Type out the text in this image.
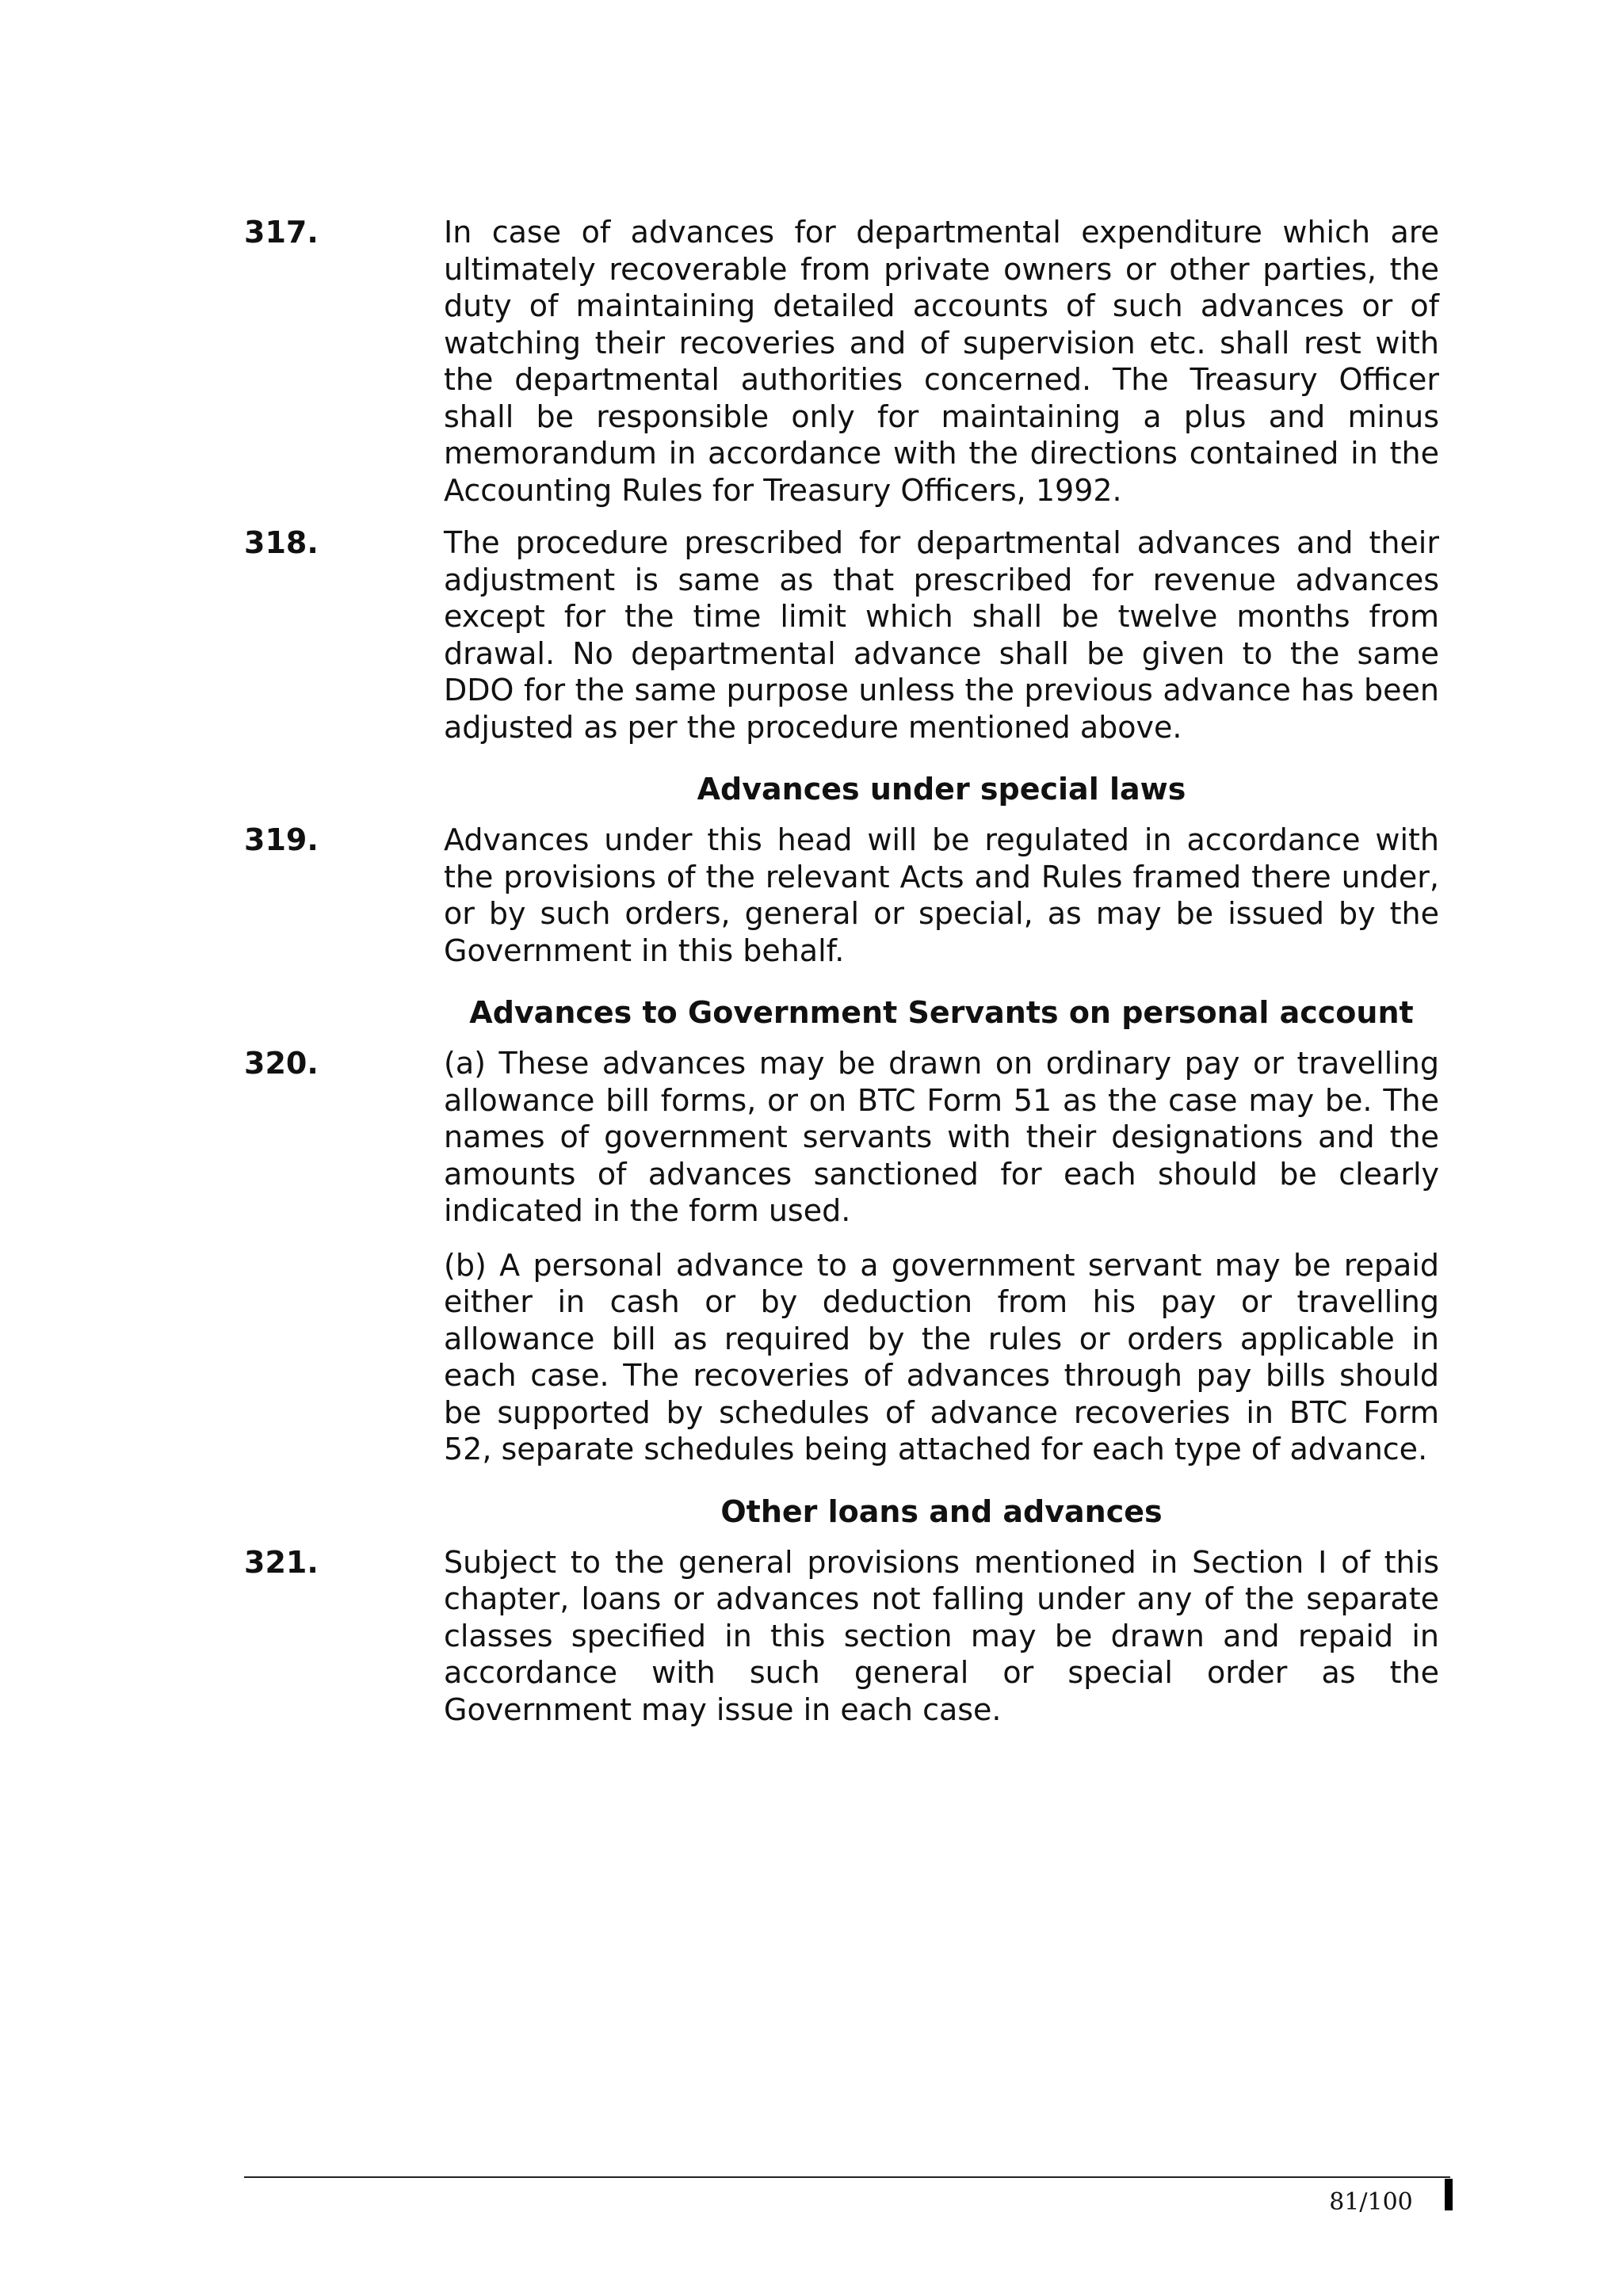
317.	In case of advances for departmental expenditure which are ultimately recoverable from private owners or other parties, the duty of maintaining detailed accounts of such advances or of watching their recoveries and of supervision etc. shall rest with the departmental authorities concerned. The Treasury Officer shall be responsible only for maintaining a plus and minus memorandum in accordance with the directions contained in the Accounting Rules for Treasury Officers, 1992.

318.	The procedure prescribed for departmental advances and their adjustment is same as that prescribed for revenue advances except for the time limit which shall be twelve months from drawal. No departmental advance shall be given to the same DDO for the same purpose unless the previous advance has been adjusted as per the procedure mentioned above.

Advances under special laws
319.	Advances under this head will be regulated in accordance with the provisions of the relevant Acts and Rules framed there under, or by such orders, general or special, as may be issued by the Government in this behalf.

Advances to Government Servants on personal account
320.	(a) These advances may be drawn on ordinary pay or travelling allowance bill forms, or on BTC Form 51 as the case may be. The names of government servants with their designations and the amounts of advances sanctioned for each should be clearly indicated in the form used.

(b) A personal advance to a government servant may be repaid either in cash or by deduction from his pay or travelling allowance bill as required by the rules or orders applicable in each case. The recoveries of advances through pay bills should be supported by schedules of advance recoveries in BTC Form 52, separate schedules being attached for each type of advance.

Other loans and advances
321.	Subject to the general provisions mentioned in Section I of this chapter, loans or advances not falling under any of the separate classes specified in this section may be drawn and repaid in accordance with such general or special order as the Government may issue in each case.

81/100
